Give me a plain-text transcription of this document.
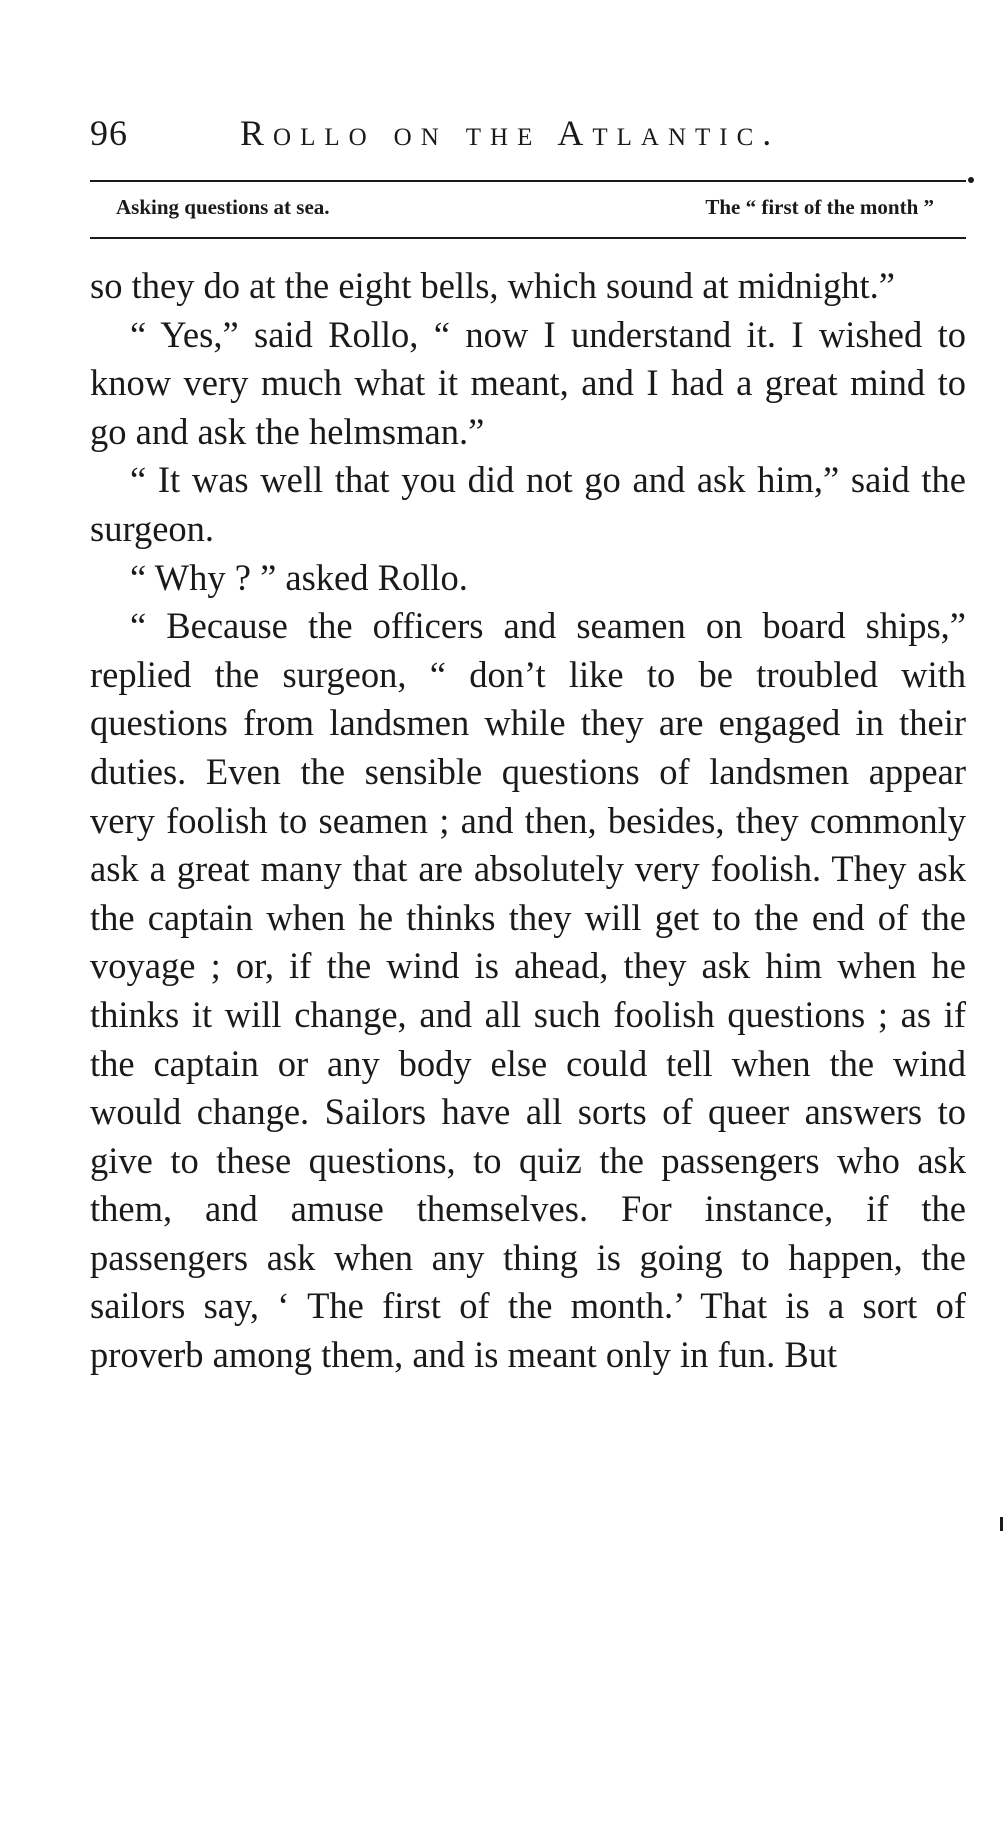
96	Rollo on the Atlantic.
Asking questions at sea.	The “ first of the month ”

so they do at the eight bells, which sound at midnight.”

“ Yes,” said Rollo, “ now I understand it. I wished to know very much what it meant, and I had a great mind to go and ask the helmsman.”

“ It was well that you did not go and ask him,” said the surgeon.

“ Why ? ” asked Rollo.

“ Because the officers and seamen on board ships,” replied the surgeon, “ don’t like to be troubled with questions from landsmen while they are engaged in their duties. Even the sensible questions of landsmen appear very foolish to seamen ; and then, besides, they commonly ask a great many that are absolutely very foolish. They ask the captain when he thinks they will get to the end of the voyage ; or, if the wind is ahead, they ask him when he thinks it will change, and all such foolish questions ; as if the captain or any body else could tell when the wind would change. Sailors have all sorts of queer answers to give to these questions, to quiz the passengers who ask them, and amuse themselves. For instance, if the passengers ask when any thing is going to happen, the sailors say, ‘ The first of the month.’ That is a sort of proverb among them, and is meant only in fun. But
